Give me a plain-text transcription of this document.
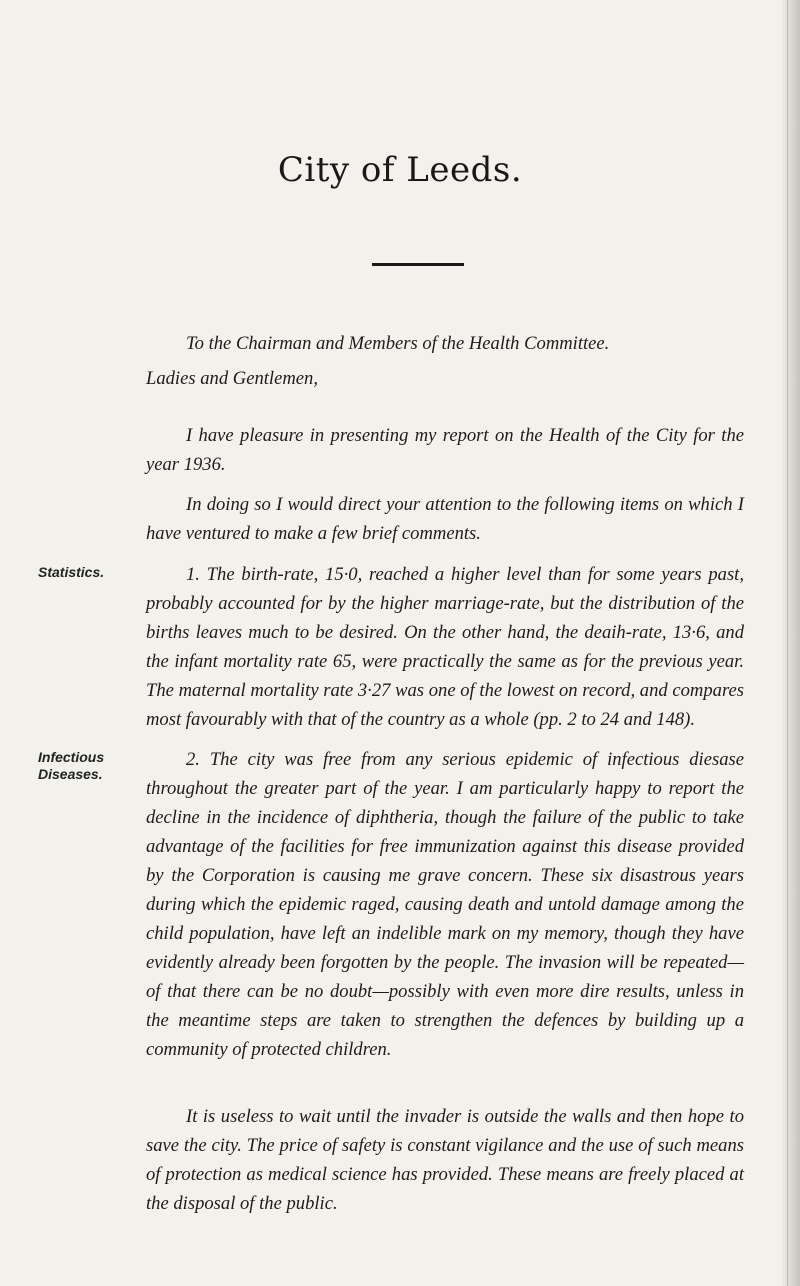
City of Leeds.
To the Chairman and Members of the Health Committee.

Ladies and Gentlemen,

I have pleasure in presenting my report on the Health of the City for the year 1936.

In doing so I would direct your attention to the following items on which I have ventured to make a few brief comments.

Statistics.	1. The birth-rate, 15·0, reached a higher level than for some years past, probably accounted for by the higher marriage-rate, but the distribution of the births leaves much to be desired. On the other hand, the deaih-rate, 13·6, and the infant mortality rate 65, were practically the same as for the previous year. The maternal mortality rate 3·27 was one of the lowest on record, and compares most favourably with that of the country as a whole (pp. 2 to 24 and 148).

Infectious
Diseases.

2. The city was free from any serious epidemic of infectious diesase throughout the greater part of the year. I am particularly happy to report the decline in the incidence of diphtheria, though the failure of the public to take advantage of the facilities for free immunization against this disease provided by the Corporation is causing me grave concern. These six disastrous years during which the epidemic raged, causing death and untold damage among the child population, have left an indelible mark on my memory, though they have evidently already been forgotten by the people. The invasion will be repeated— of that there can be no doubt—possibly with even more dire results, unless in the meantime steps are taken to strengthen the defences by building up a community of protected children.

It is useless to wait until the invader is outside the walls and then hope to save the city. The price of safety is constant vigilance and the use of such means of protection as medical science has provided. These means are freely placed at the disposal of the public.
